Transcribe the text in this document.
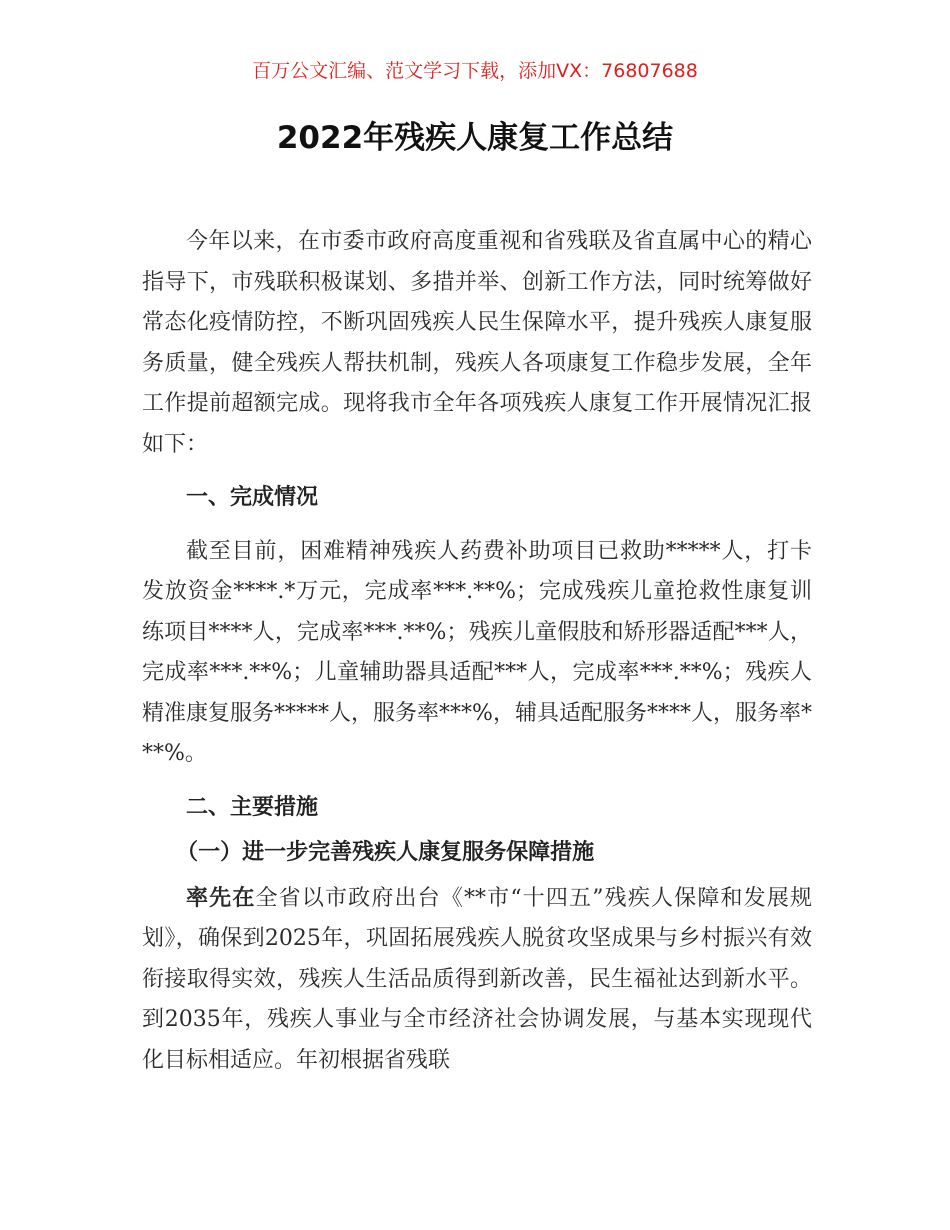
百万公文汇编、范文学习下载，添加VX：76807688
2022年残疾人康复工作总结

今年以来，在市委市政府高度重视和省残联及省直属中心的精心指导下，市残联积极谋划、多措并举、创新工作方法，同时统筹做好常态化疫情防控，不断巩固残疾人民生保障水平，提升残疾人康复服务质量，健全残疾人帮扶机制，残疾人各项康复工作稳步发展，全年工作提前超额完成。现将我市全年各项残疾人康复工作开展情况汇报如下：

一、完成情况

截至目前，困难精神残疾人药费补助项目已救助*****人，打卡发放资金****.*万元，完成率***.**%；完成残疾儿童抢救性康复训练项目****人，完成率***.**%；残疾儿童假肢和矫形器适配***人，完成率***.**%；儿童辅助器具适配***人，完成率***.**%；残疾人精准康复服务*****人，服务率***%，辅具适配服务****人，服务率***%。

二、主要措施

（一）进一步完善残疾人康复服务保障措施

率先在全省以市政府出台《**市“十四五”残疾人保障和发展规划》，确保到2025年，巩固拓展残疾人脱贫攻坚成果与乡村振兴有效衔接取得实效，残疾人生活品质得到新改善，民生福祉达到新水平。到2035年，残疾人事业与全市经济社会协调发展，与基本实现现代化目标相适应。年初根据省残联
